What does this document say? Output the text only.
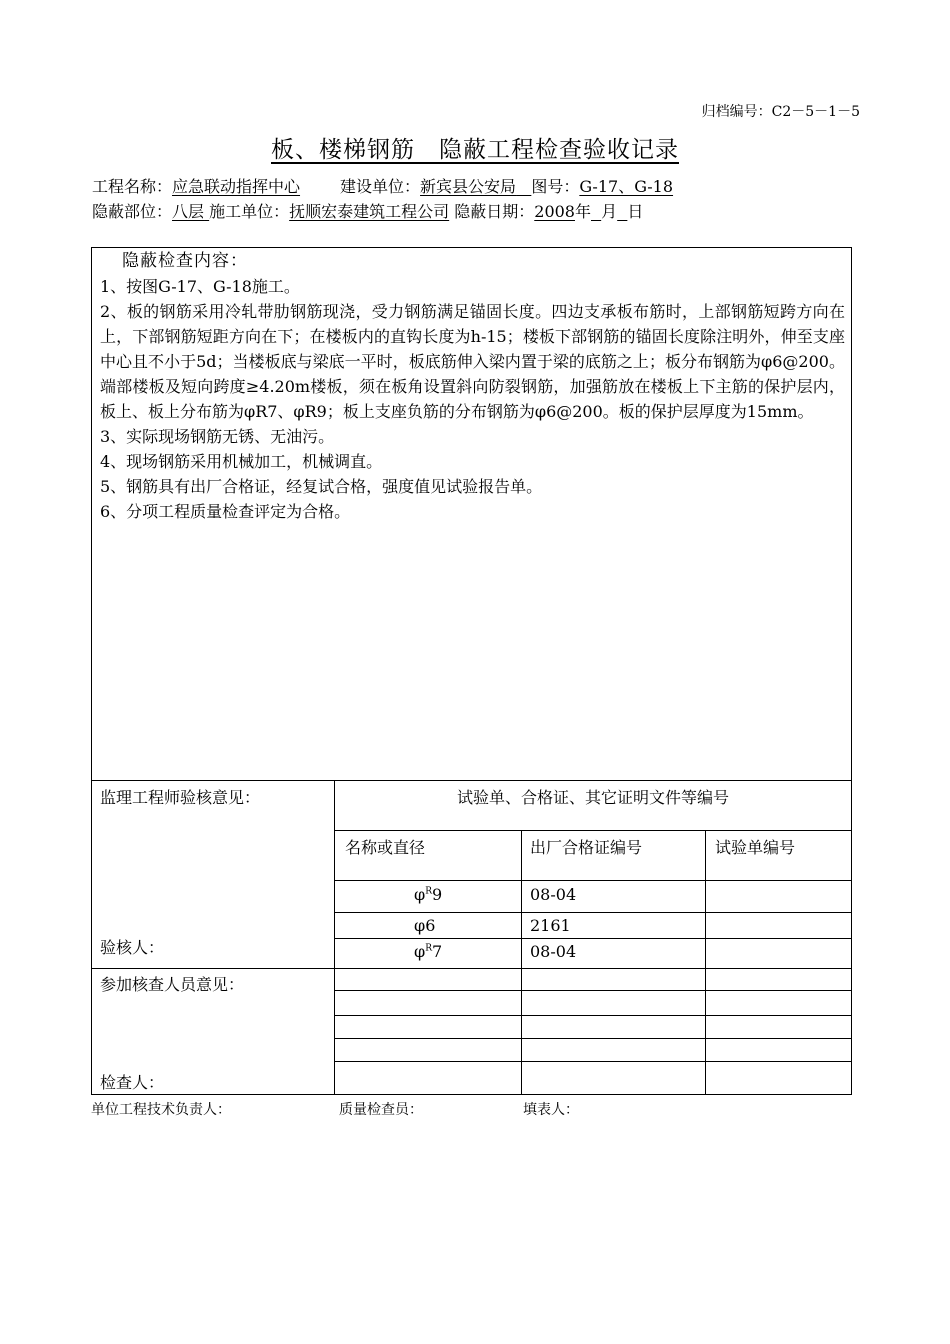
归档编号：C2－5－1－5
板、楼梯钢筋　隐蔽工程检查验收记录
工程名称：应急联动指挥中心	建设单位：新宾县公安局 图号：G-17、G-18
隐蔽部位：八层 施工单位：抚顺宏泰建筑工程公司 隐蔽日期：2008年 月 日
隐蔽检查内容：

1、按图G-17、G-18施工。

2、板的钢筋采用冷轧带肋钢筋现浇，受力钢筋满足锚固长度。四边支承板布筋时，上部钢筋短跨方向在上，下部钢筋短距方向在下；在楼板内的直钩长度为h-15；楼板下部钢筋的锚固长度除注明外，伸至支座中心且不小于5d；当楼板底与梁底一平时，板底筋伸入梁内置于梁的底筋之上；板分布钢筋为φ6@200。端部楼板及短向跨度≥4.20m楼板，须在板角设置斜向防裂钢筋，加强筋放在楼板上下主筋的保护层内，板上、板上分布筋为φR7、φR9；板上支座负筋的分布钢筋为φ6@200。板的保护层厚度为15mm。

3、实际现场钢筋无锈、无油污。

4、现场钢筋采用机械加工，机械调直。

5、钢筋具有出厂合格证，经复试合格，强度值见试验报告单。

6、分项工程质量检查评定为合格。

监理工程师验核意见：
验核人：
试验单、合格证、其它证明文件等编号
名称或直径	出厂合格证编号	试验单编号
$\varphi^R9$	08-04
φ6	2161
$\varphi^R7$	08-04
参加核查人员意见：
检查人：
单位工程技术负责人：	质量检查员：	填表人：
